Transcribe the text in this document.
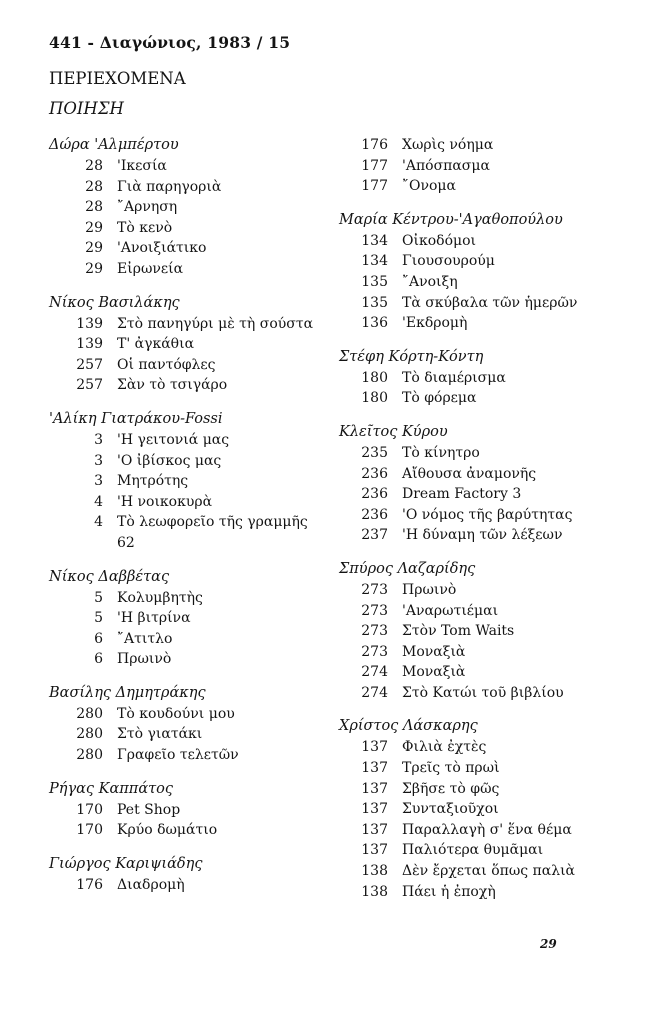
441 - Διαγώνιος, 1983 / 15
ΠΕΡΙΕΧΟΜΕΝΑ
ΠΟΙΗΣΗ
Δώρα 'Αλμπέρτου
28 'Ικεσία
28 Γιὰ παρηγοριὰ
28 ῎Αρνηση
29 Τὸ κενὸ
29 'Ανοιξιάτικο
29 Εἰρωνεία
Νίκος Βασιλάκης
139 Στὸ πανηγύρι μὲ τὴ σούστα
139 Τ' ἀγκάθια
257 Οἱ παντόφλες
257 Σὰν τὸ τσιγάρο
'Αλίκη Γιατράκου-Fossi
3 'Η γειτονιά μας
3 'Ο ἰβίσκος μας
3 Μητρότης
4 'Η νοικοκυρὰ
4 Τὸ λεωφορεῖο τῆς γραμμῆς
62
Νίκος Δαββέτας
5 Κολυμβητὴς
5 'Η βιτρίνα
6 ῎Ατιτλο
6 Πρωινὸ
Βασίλης Δημητράκης
280 Τὸ κουδούνι μου
280 Στὸ γιατάκι
280 Γραφεῖο τελετῶν
Ρήγας Καππάτος
170 Pet Shop
170 Κρύο δωμάτιο
Γιώργος Καριψιάδης
176 Διαδρομὴ
176 Χωρὶς νόημα
177 'Απόσπασμα
177 ῎Ονομα
Μαρία Κέντρου-'Αγαθοπούλου
134 Οἰκοδόμοι
134 Γιουσουρούμ
135 ῎Ανοιξη
135 Τὰ σκύβαλα τῶν ἡμερῶν
136 'Εκδρομὴ
Στέφη Κόρτη-Κόντη
180 Τὸ διαμέρισμα
180 Τὸ φόρεμα
Κλεῖτος Κύρου
235 Τὸ κίνητρο
236 Αἴθουσα ἀναμονῆς
236 Dream Factory 3
236 'Ο νόμος τῆς βαρύτητας
237 'Η δύναμη τῶν λέξεων
Σπύρος Λαζαρίδης
273 Πρωινὸ
273 'Αναρωτιέμαι
273 Στὸν Tom Waits
273 Μοναξιὰ
274 Μοναξιὰ
274 Στὸ Κατώι τοῦ βιβλίου
Χρίστος Λάσκαρης
137 Φιλιὰ ἐχτὲς
137 Τρεῖς τὸ πρωὶ
137 Σβῆσε τὸ φῶς
137 Συνταξιοῦχοι
137 Παραλλαγὴ σ' ἕνα θέμα
137 Παλιότερα θυμᾶμαι
138 Δὲν ἔρχεται ὅπως παλιὰ
138 Πάει ἡ ἐποχὴ
29
